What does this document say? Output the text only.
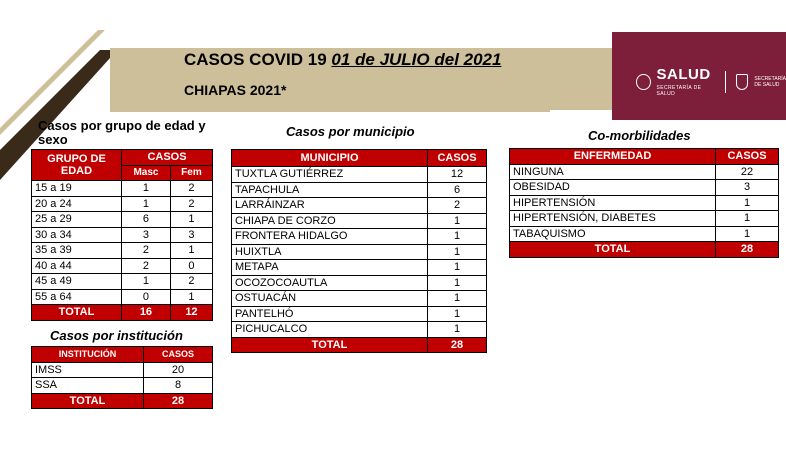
SALUD
SECRETARÍA DE SALUD
SECRETARÍA
DE SALUD
CASOS COVID 19 01 de JULIO del 2021
CHIAPAS 2021*
Casos por grupo de edad y sexo
GRUPO DE EDAD	CASOS	
	Masc	Fem
15 a 19	1	2
20 a 24	1	2
25 a 29	6	1
30 a 34	3	3
35 a 39	2	1
40 a 44	2	0
45 a 49	1	2
55 a 64	0	1
TOTAL	16	12
Casos por institución
INSTITUCIÓN	CASOS
IMSS	20
SSA	8
TOTAL	28
Casos por municipio
MUNICIPIO	CASOS
TUXTLA GUTIÉRREZ	12
TAPACHULA	6
LARRÁINZAR	2
CHIAPA DE CORZO	1
FRONTERA HIDALGO	1
HUIXTLA	1
METAPA	1
OCOZOCOAUTLA	1
OSTUACÁN	1
PANTELHÓ	1
PICHUCALCO	1
TOTAL	28
Co-morbilidades
ENFERMEDAD	CASOS
NINGUNA	22
OBESIDAD	3
HIPERTENSIÓN	1
HIPERTENSIÓN, DIABETES	1
TABAQUISMO	1
TOTAL	28
